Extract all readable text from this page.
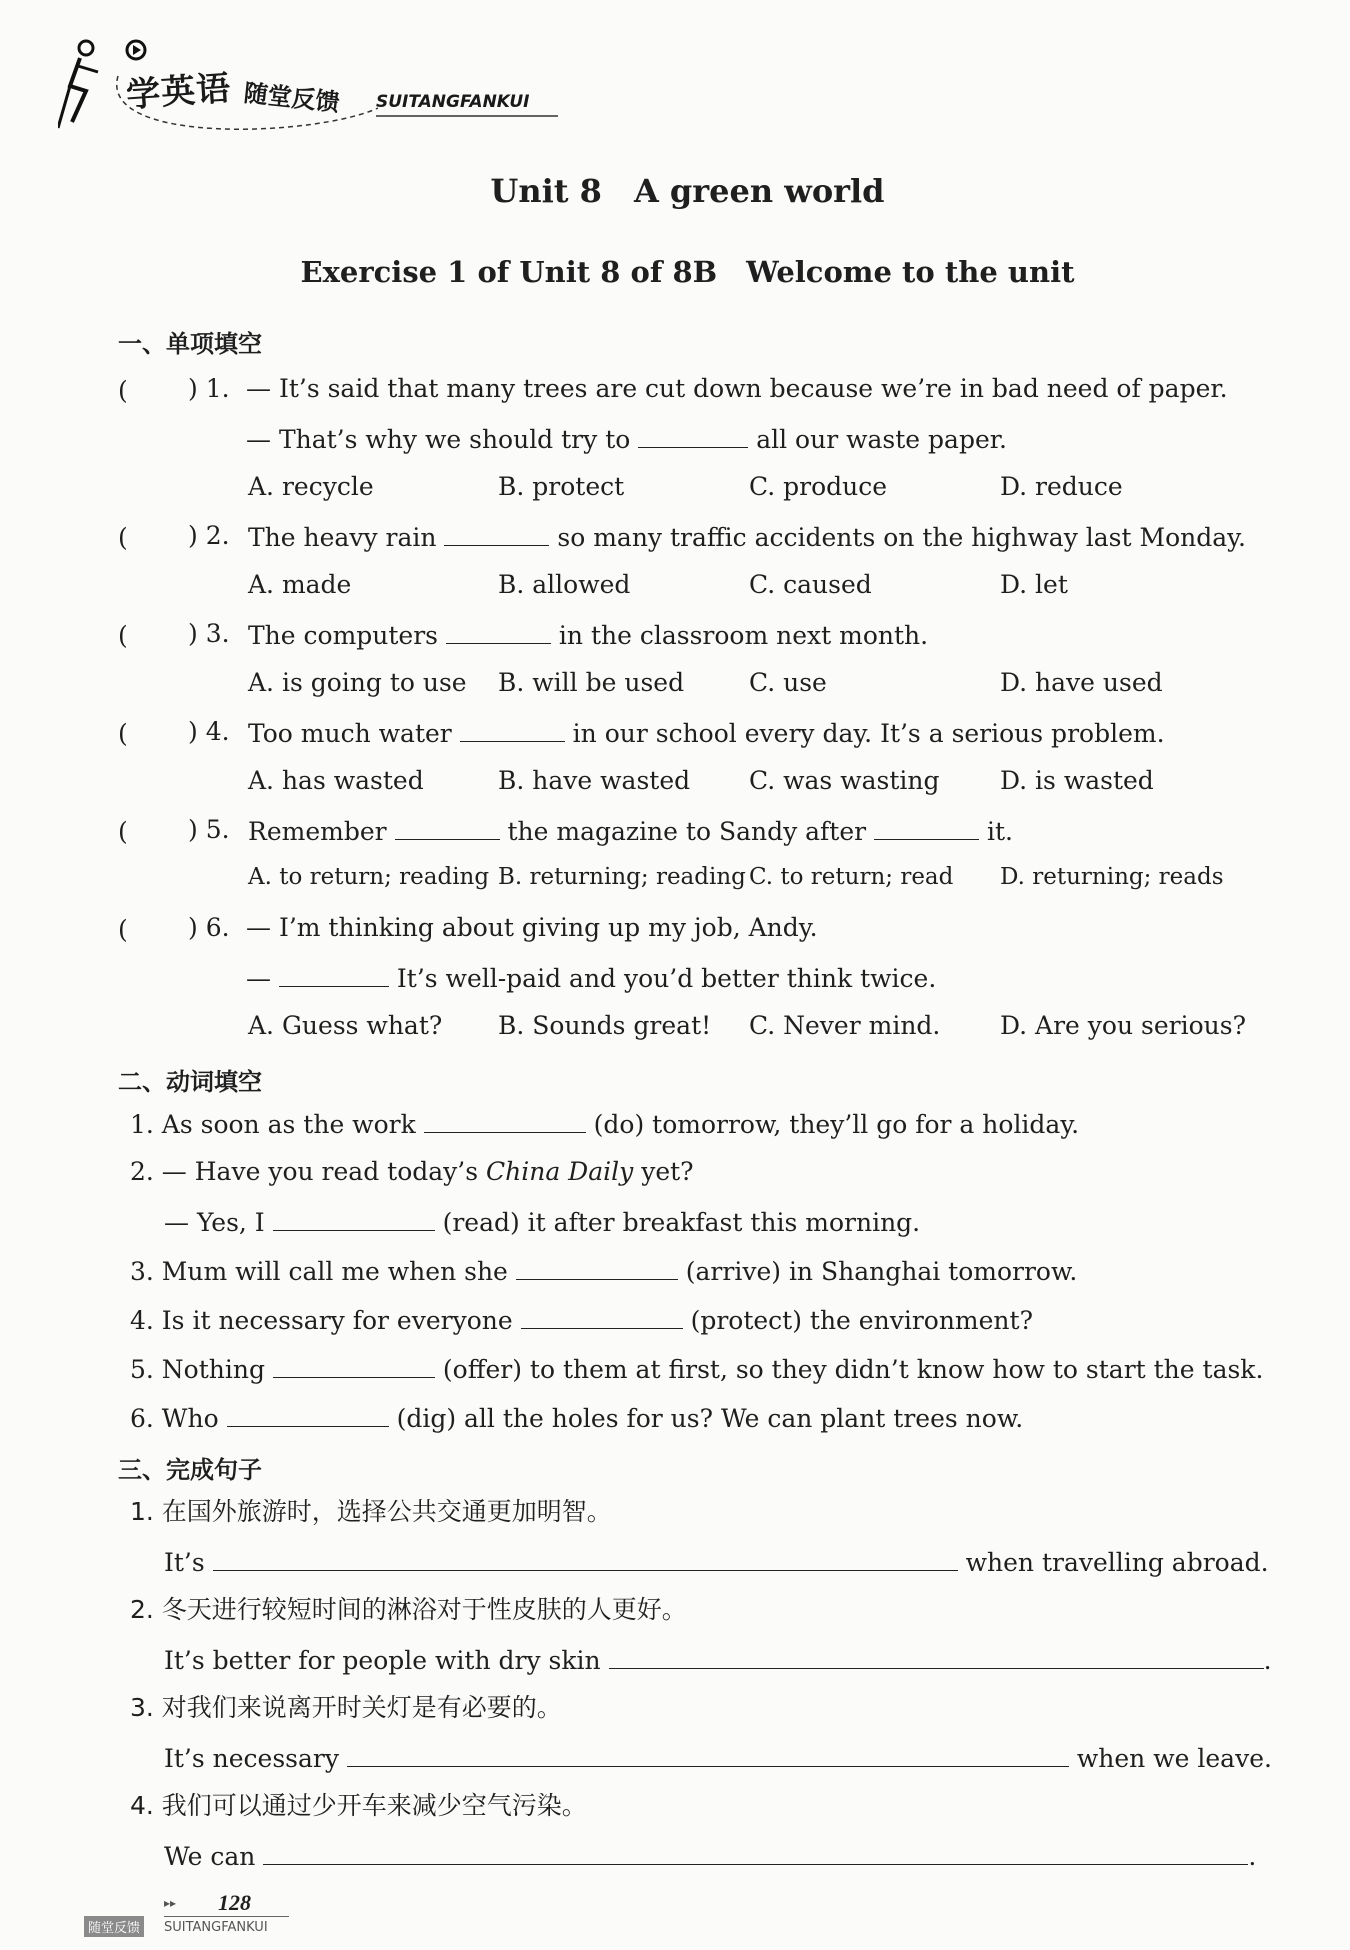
学英语 随堂反馈 SUITANGFANKUI
Unit 8　A green world
Exercise 1 of Unit 8 of 8B　Welcome to the unit
一、单项填空
( ) 1. — It’s said that many trees are cut down because we’re in bad need of paper.
— That’s why we should try to	all our waste paper.
A. recycle	B. protect	C. produce	D. reduce
( ) 2. The heavy rain	so many traffic accidents on the highway last Monday.
A. made	B. allowed	C. caused	D. let
( ) 3. The computers	in the classroom next month.
A. is going to use B. will be used	C. use	D. have used
( ) 4. Too much water	in our school every day. It’s a serious problem.
A. has wasted	B. have wasted C. was wasting D. is wasted
( ) 5. Remember	the magazine to Sandy after	it.
A. to return; reading B. returning; reading C. to return; read D. returning; reads
( ) 6. — I’m thinking about giving up my job, Andy.
—	It’s well-paid and you’d better think twice.
A. Guess what? B. Sounds great! C. Never mind. D. Are you serious?
二、动词填空
1. As soon as the work	(do) tomorrow, they’ll go for a holiday.
2. — Have you read today’s China Daily yet?
— Yes, I	(read) it after breakfast this morning.
3. Mum will call me when she	(arrive) in Shanghai tomorrow.
4. Is it necessary for everyone	(protect) the environment?
5. Nothing	(offer) to them at first, so they didn’t know how to start the task.
6. Who	(dig) all the holes for us? We can plant trees now.
三、完成句子
1. 在国外旅游时，选择公共交通更加明智。
It’s	when travelling abroad.
2. 冬天进行较短时间的淋浴对于性皮肤的人更好。
It’s better for people with dry skin	.
3. 对我们来说离开时关灯是有必要的。
It’s necessary	when we leave.
4. 我们可以通过少开车来减少空气污染。
We can	.
▸▸ 128
随堂反馈	SUITANGFANKUI
